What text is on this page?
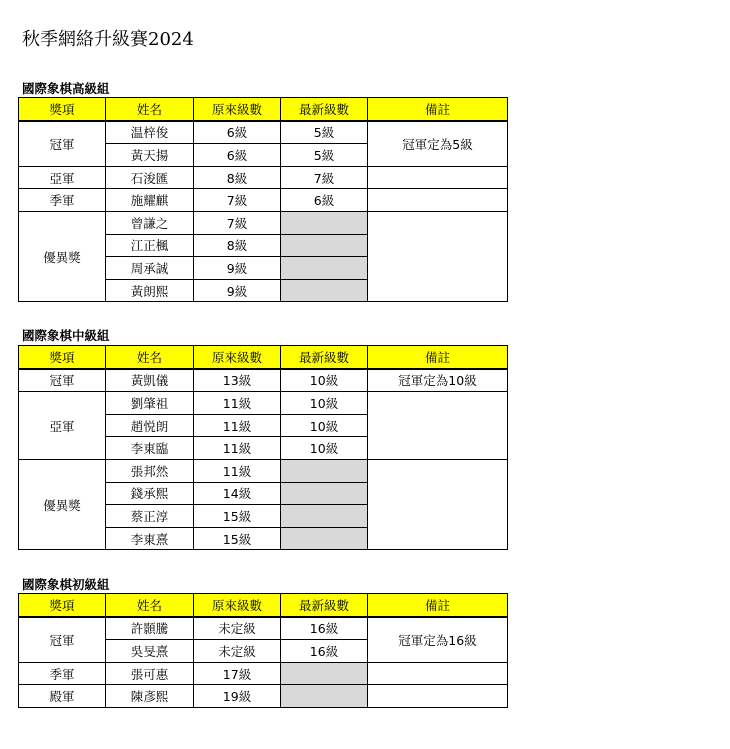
秋季網絡升級賽2024
國際象棋高級組
獎項	姓名	原來級數	最新級數	備註
冠軍	温梓俊	6級	5級	冠軍定為5級
	黃天揚	6級	5級	
亞軍	石浚匯	8級	7級	
季軍	施耀麒	7級	6級	
優異獎	曾謙之	7級		
	江正楓	8級		
	周承誠	9級		
	黃朗熙	9級		
國際象棋中級組
獎項	姓名	原來級數	最新級數	備註
冠軍	黃凱儀	13級	10級	冠軍定為10級
亞軍	劉肇祖	11級	10級	
	趙悦朗	11級	10級	
	李東臨	11級	10級	
優異獎	張邦然	11級		
	錢承熙	14級		
	蔡正淳	15級		
	李東熹	15級		
國際象棋初級組
獎項	姓名	原來級數	最新級數	備註
冠軍	許顥騰	未定級	16級	冠軍定為16級
	吳旻熹	未定級	16級	
季軍	張可惠	17級		
殿軍	陳彥熙	19級		
